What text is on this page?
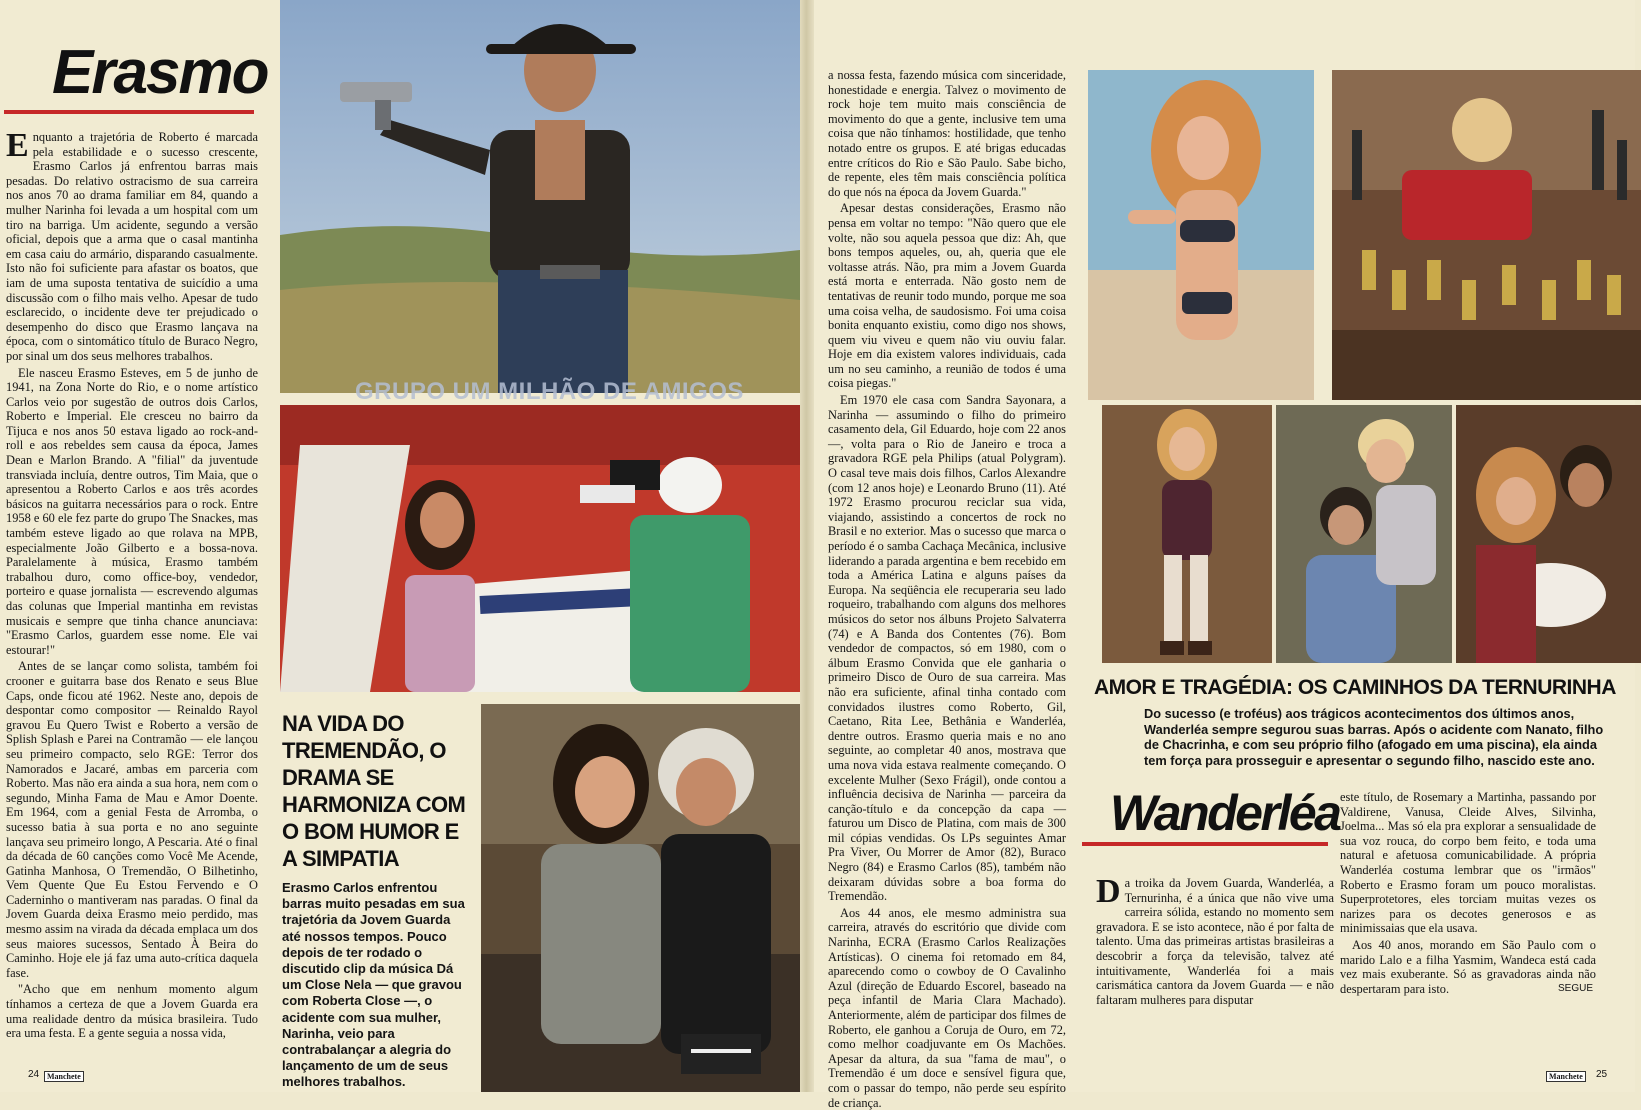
Erasmo

Enquanto a trajetória de Roberto é marcada pela estabilidade e o sucesso crescente, Erasmo Carlos já enfrentou barras mais pesadas. Do relativo ostracismo de sua carreira nos anos 70 ao drama familiar em 84, quando a mulher Narinha foi levada a um hospital com um tiro na barriga. Um acidente, segundo a versão oficial, depois que a arma que o casal mantinha em casa caiu do armário, disparando casualmente. Isto não foi suficiente para afastar os boatos, que iam de uma suposta tentativa de suicídio a uma discussão com o filho mais velho. Apesar de tudo esclarecido, o incidente deve ter prejudicado o desempenho do disco que Erasmo lançava na época, com o sintomático título de Buraco Negro, por sinal um dos seus melhores trabalhos.

Ele nasceu Erasmo Esteves, em 5 de junho de 1941, na Zona Norte do Rio, e o nome artístico Carlos veio por sugestão de outros dois Carlos, Roberto e Imperial. Ele cresceu no bairro da Tijuca e nos anos 50 estava ligado ao rock-and-roll e aos rebeldes sem causa da época, James Dean e Marlon Brando. A "filial" da juventude transviada incluía, dentre outros, Tim Maia, que o apresentou a Roberto Carlos e aos três acordes básicos na guitarra necessários para o rock. Entre 1958 e 60 ele fez parte do grupo The Snackes, mas também esteve ligado ao que rolava na MPB, especialmente João Gilberto e a bossa-nova. Paralelamente à música, Erasmo também trabalhou duro, como office-boy, vendedor, porteiro e quase jornalista — escrevendo algumas das colunas que Imperial mantinha em revistas musicais e sempre que tinha chance anunciava: "Erasmo Carlos, guardem esse nome. Ele vai estourar!"

Antes de se lançar como solista, também foi crooner e guitarra base dos Renato e seus Blue Caps, onde ficou até 1962. Neste ano, depois de despontar como compositor — Reinaldo Rayol gravou Eu Quero Twist e Roberto a versão de Splish Splash e Parei na Contramão — ele lançou seu primeiro compacto, selo RGE: Terror dos Namorados e Jacaré, ambas em parceria com Roberto. Mas não era ainda a sua hora, nem com o segundo, Minha Fama de Mau e Amor Doente. Em 1964, com a genial Festa de Arromba, o sucesso batia à sua porta e no ano seguinte lançava seu primeiro longo, A Pescaria. Até o final da década de 60 canções como Você Me Acende, Gatinha Manhosa, O Tremendão, O Bilhetinho, Vem Quente Que Eu Estou Fervendo e O Caderninho o mantiveram nas paradas. O final da Jovem Guarda deixa Erasmo meio perdido, mas mesmo assim na virada da década emplaca um dos seus maiores sucessos, Sentado À Beira do Caminho. Hoje ele já faz uma auto-crítica daquela fase.

"Acho que em nenhum momento algum tínhamos a certeza de que a Jovem Guarda era uma realidade dentro da música brasileira. Tudo era uma festa. E a gente seguia a nossa vida,

GRUPO UM MILHÃO DE AMIGOS
NA VIDA DO TREMENDÃO, O DRAMA SE HARMONIZA COM O BOM HUMOR E A SIMPATIA
Erasmo Carlos enfrentou barras muito pesadas em sua trajetória da Jovem Guarda até nossos tempos. Pouco depois de ter rodado o discutido clip da música Dá um Close Nela — que gravou com Roberta Close —, o acidente com sua mulher, Narinha, veio para contrabalançar a alegria do lançamento de um de seus melhores trabalhos.
24 Manchete

a nossa festa, fazendo música com sinceridade, honestidade e energia. Talvez o movimento de rock hoje tem muito mais consciência de movimento do que a gente, inclusive tem uma coisa que não tínhamos: hostilidade, que tenho notado entre os grupos. E até brigas educadas entre críticos do Rio e São Paulo. Sabe bicho, de repente, eles têm mais consciência política do que nós na época da Jovem Guarda."

Apesar destas considerações, Erasmo não pensa em voltar no tempo: "Não quero que ele volte, não sou aquela pessoa que diz: Ah, que bons tempos aqueles, ou, ah, queria que ele voltasse atrás. Não, pra mim a Jovem Guarda está morta e enterrada. Não gosto nem de tentativas de reunir todo mundo, porque me soa uma coisa velha, de saudosismo. Foi uma coisa bonita enquanto existiu, como digo nos shows, quem viu viveu e quem não viu ouviu falar. Hoje em dia existem valores individuais, cada um no seu caminho, a reunião de todos é uma coisa piegas."

Em 1970 ele casa com Sandra Sayonara, a Narinha — assumindo o filho do primeiro casamento dela, Gil Eduardo, hoje com 22 anos —, volta para o Rio de Janeiro e troca a gravadora RGE pela Philips (atual Polygram). O casal teve mais dois filhos, Carlos Alexandre (com 12 anos hoje) e Leonardo Bruno (11). Até 1972 Erasmo procurou reciclar sua vida, viajando, assistindo a concertos de rock no Brasil e no exterior. Mas o sucesso que marca o período é o samba Cachaça Mecânica, inclusive liderando a parada argentina e bem recebido em toda a América Latina e alguns países da Europa. Na seqüência ele recuperaria seu lado roqueiro, trabalhando com alguns dos melhores músicos do setor nos álbuns Projeto Salvaterra (74) e A Banda dos Contentes (76). Bom vendedor de compactos, só em 1980, com o álbum Erasmo Convida que ele ganharia o primeiro Disco de Ouro de sua carreira. Mas não era suficiente, afinal tinha contado com convidados ilustres como Roberto, Gil, Caetano, Rita Lee, Bethânia e Wanderléa, dentre outros. Erasmo queria mais e no ano seguinte, ao completar 40 anos, mostrava que uma nova vida estava realmente começando. O excelente Mulher (Sexo Frágil), onde contou a influência decisiva de Narinha — parceira da canção-título e da concepção da capa — faturou um Disco de Platina, com mais de 300 mil cópias vendidas. Os LPs seguintes Amar Pra Viver, Ou Morrer de Amor (82), Buraco Negro (84) e Erasmo Carlos (85), também não deixaram dúvidas sobre a boa forma do Tremendão.

Aos 44 anos, ele mesmo administra sua carreira, através do escritório que divide com Narinha, ECRA (Erasmo Carlos Realizações Artísticas). O cinema foi retomado em 84, aparecendo como o cowboy de O Cavalinho Azul (direção de Eduardo Escorel, baseado na peça infantil de Maria Clara Machado). Anteriormente, além de participar dos filmes de Roberto, ele ganhou a Coruja de Ouro, em 72, como melhor coadjuvante em Os Machões. Apesar da altura, da sua "fama de mau", o Tremendão é um doce e sensível figura que, com o passar do tempo, não perde seu espírito de criança.

AMOR E TRAGÉDIA: OS CAMINHOS DA TERNURINHA
Do sucesso (e troféus) aos trágicos acontecimentos dos últimos anos, Wanderléa sempre segurou suas barras. Após o acidente com Nanato, filho de Chacrinha, e com seu próprio filho (afogado em uma piscina), ela ainda tem força para prosseguir e apresentar o segundo filho, nascido este ano.
Wanderléa

Da troika da Jovem Guarda, Wanderléa, a Ternurinha, é a única que não vive uma carreira sólida, estando no momento sem gravadora. E se isto acontece, não é por falta de talento. Uma das primeiras artistas brasileiras a descobrir a força da televisão, talvez até intuitivamente, Wanderléa foi a mais carismática cantora da Jovem Guarda — e não faltaram mulheres para disputar

este título, de Rosemary a Martinha, passando por Valdirene, Vanusa, Cleide Alves, Silvinha, Joelma... Mas só ela pra explorar a sensualidade de sua voz rouca, do corpo bem feito, e toda uma natural e afetuosa comunicabilidade. A própria Wanderléa costuma lembrar que os "irmãos" Roberto e Erasmo foram um pouco moralistas. Superprotetores, eles torciam muitas vezes os narizes para os decotes generosos e as minimissaias que ela usava.

Aos 40 anos, morando em São Paulo com o marido Lalo e a filha Yasmim, Wandeca está cada vez mais exuberante. Só as gravadoras ainda não despertaram para isto.	SEGUE
Manchete	25
